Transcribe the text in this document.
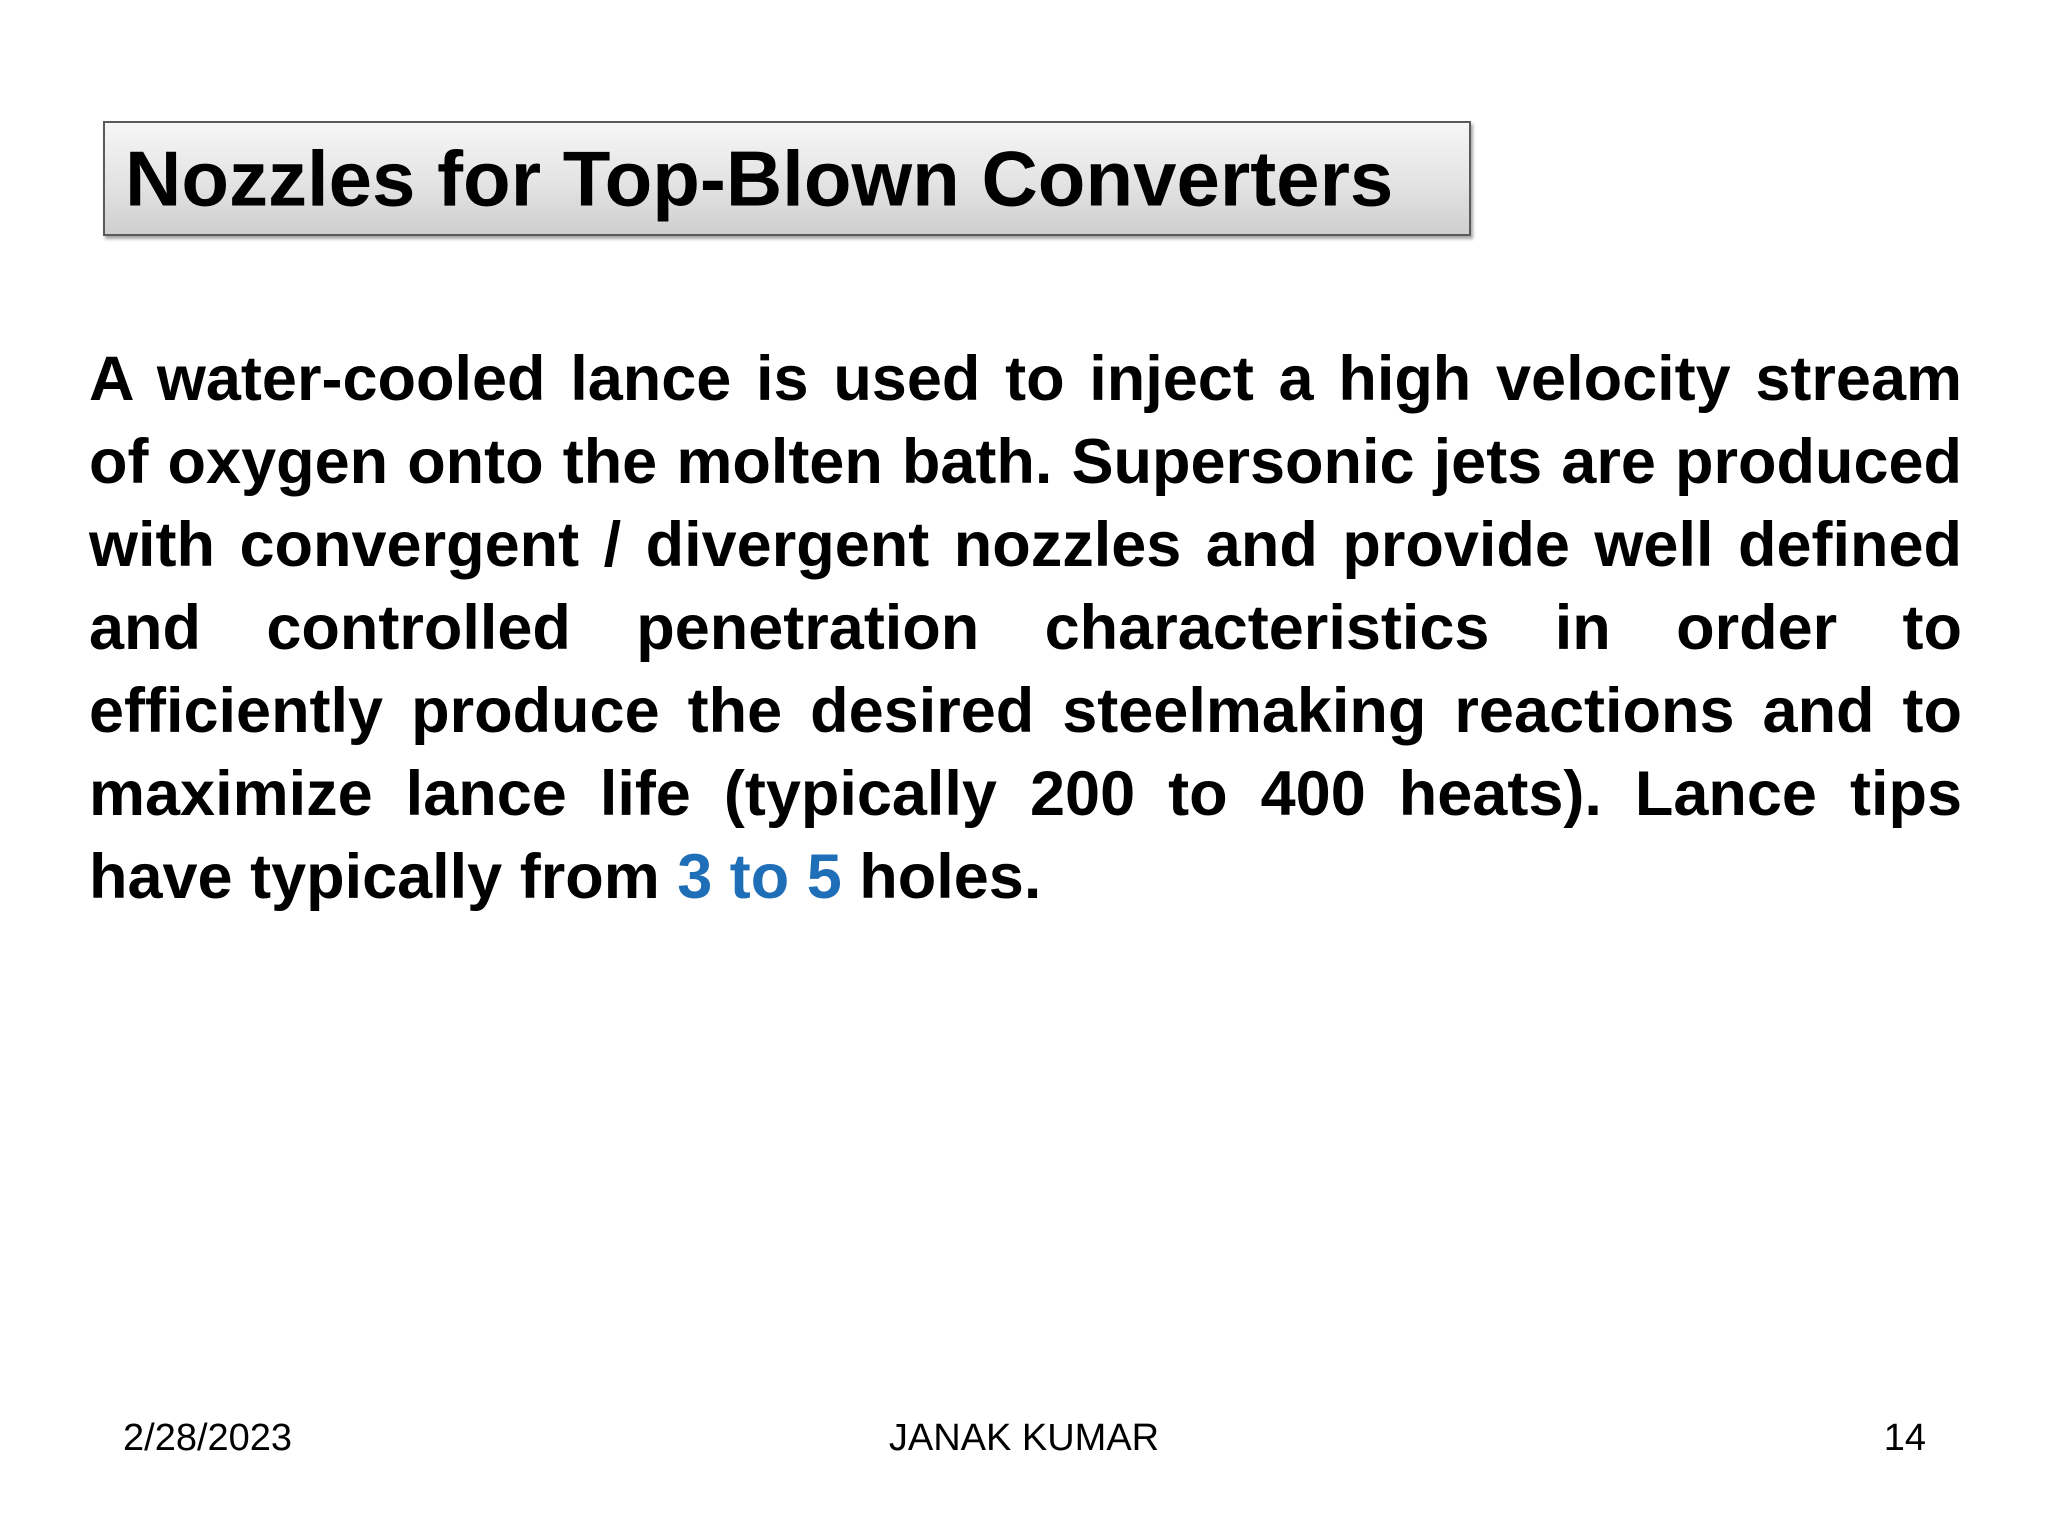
Nozzles for Top-Blown Converters
A water-cooled lance is used to inject a high velocity stream of oxygen onto the molten bath. Supersonic jets are produced with convergent / divergent nozzles and provide well defined and controlled penetration characteristics in order to efficiently produce the desired steelmaking reactions and to maximize lance life (typically 200 to 400 heats). Lance tips have typically from 3 to 5 holes.
2/28/2023	JANAK KUMAR	14
